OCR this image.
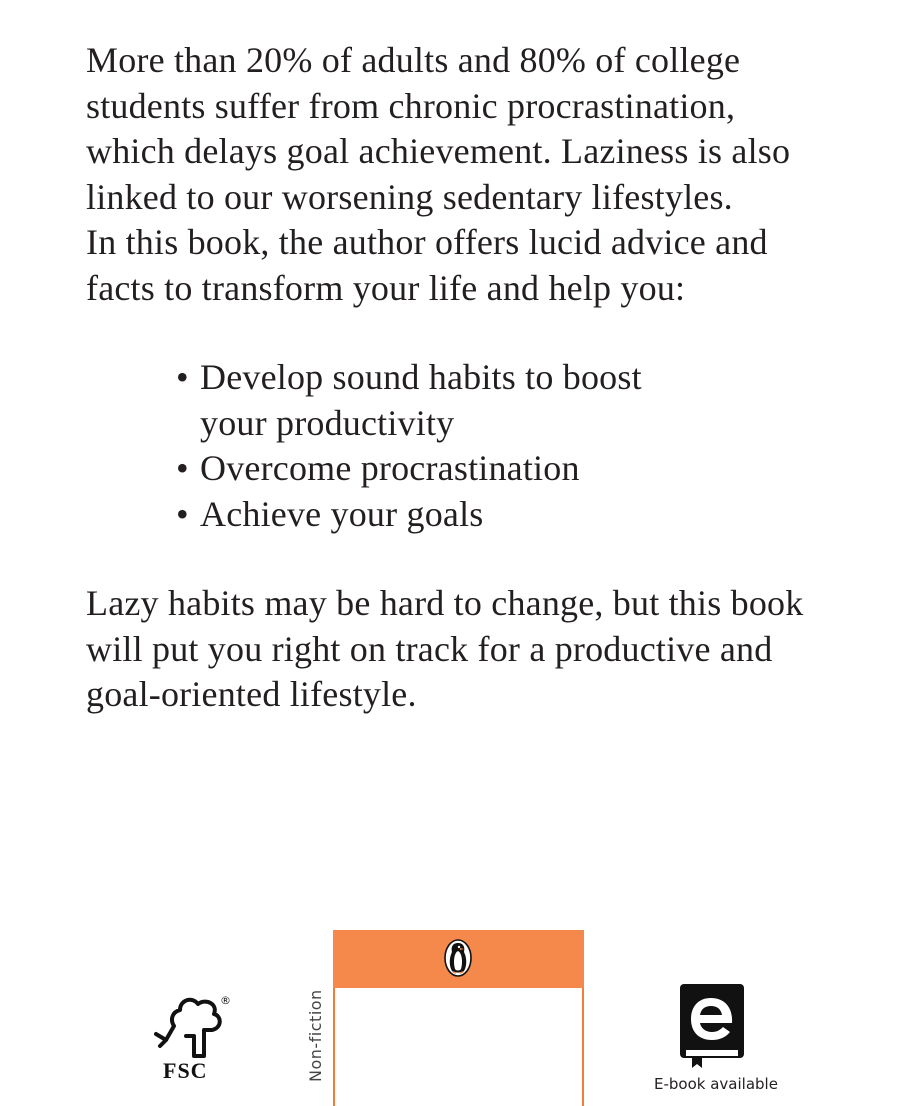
More than 20% of adults and 80% of college
students suffer from chronic procrastination,
which delays goal achievement. Laziness is also
linked to our worsening sedentary lifestyles.
In this book, the author offers lucid advice and
facts to transform your life and help you:
• Develop sound habits to boost
your productivity
• Overcome procrastination
• Achieve your goals
Lazy habits may be hard to change, but this book
will put you right on track for a productive and
goal-oriented lifestyle.
®
FSC	Non-fiction
E-book available
